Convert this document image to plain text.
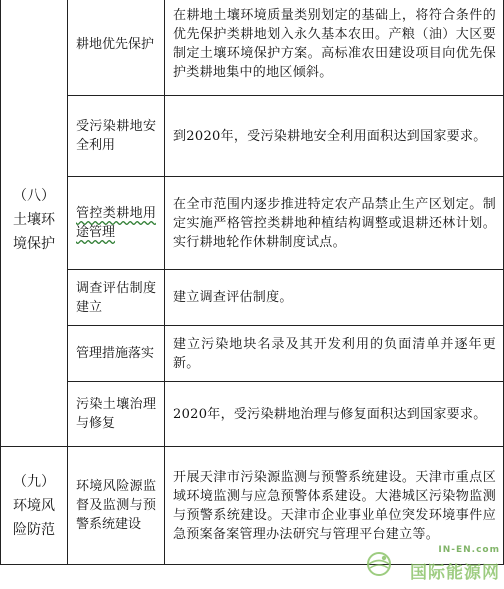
（八）
土壤环
境保护	耕地优先保护	在耕地土壤环境质量类别划定的基础上，将符合条件的优先保护类耕地划入永久基本农田。产粮（油）大区要制定土壤环境保护方案。高标准农田建设项目向优先保护类耕地集中的地区倾斜。
	受污染耕地安全利用	到2020年，受污染耕地安全利用面积达到国家要求。
	管控类耕地用途管理	在全市范围内逐步推进特定农产品禁止生产区划定。制定实施严格管控类耕地种植结构调整或退耕还林计划。实行耕地轮作休耕制度试点。
	调查评估制度建立	建立调查评估制度。
	管理措施落实	建立污染地块名录及其开发利用的负面清单并逐年更新。
	污染土壤治理与修复	2020年，受污染耕地治理与修复面积达到国家要求。
（九）
环境风
险防范	环境风险源监督及监测与预警系统建设	开展天津市污染源监测与预警系统建设。天津市重点区域环境监测与应急预警体系建设。大港城区污染物监测与预警系统建设。天津市企业事业单位突发环境事件应急预案备案管理办法研究与管理平台建立等。
IN-EN.com
国际能源网
